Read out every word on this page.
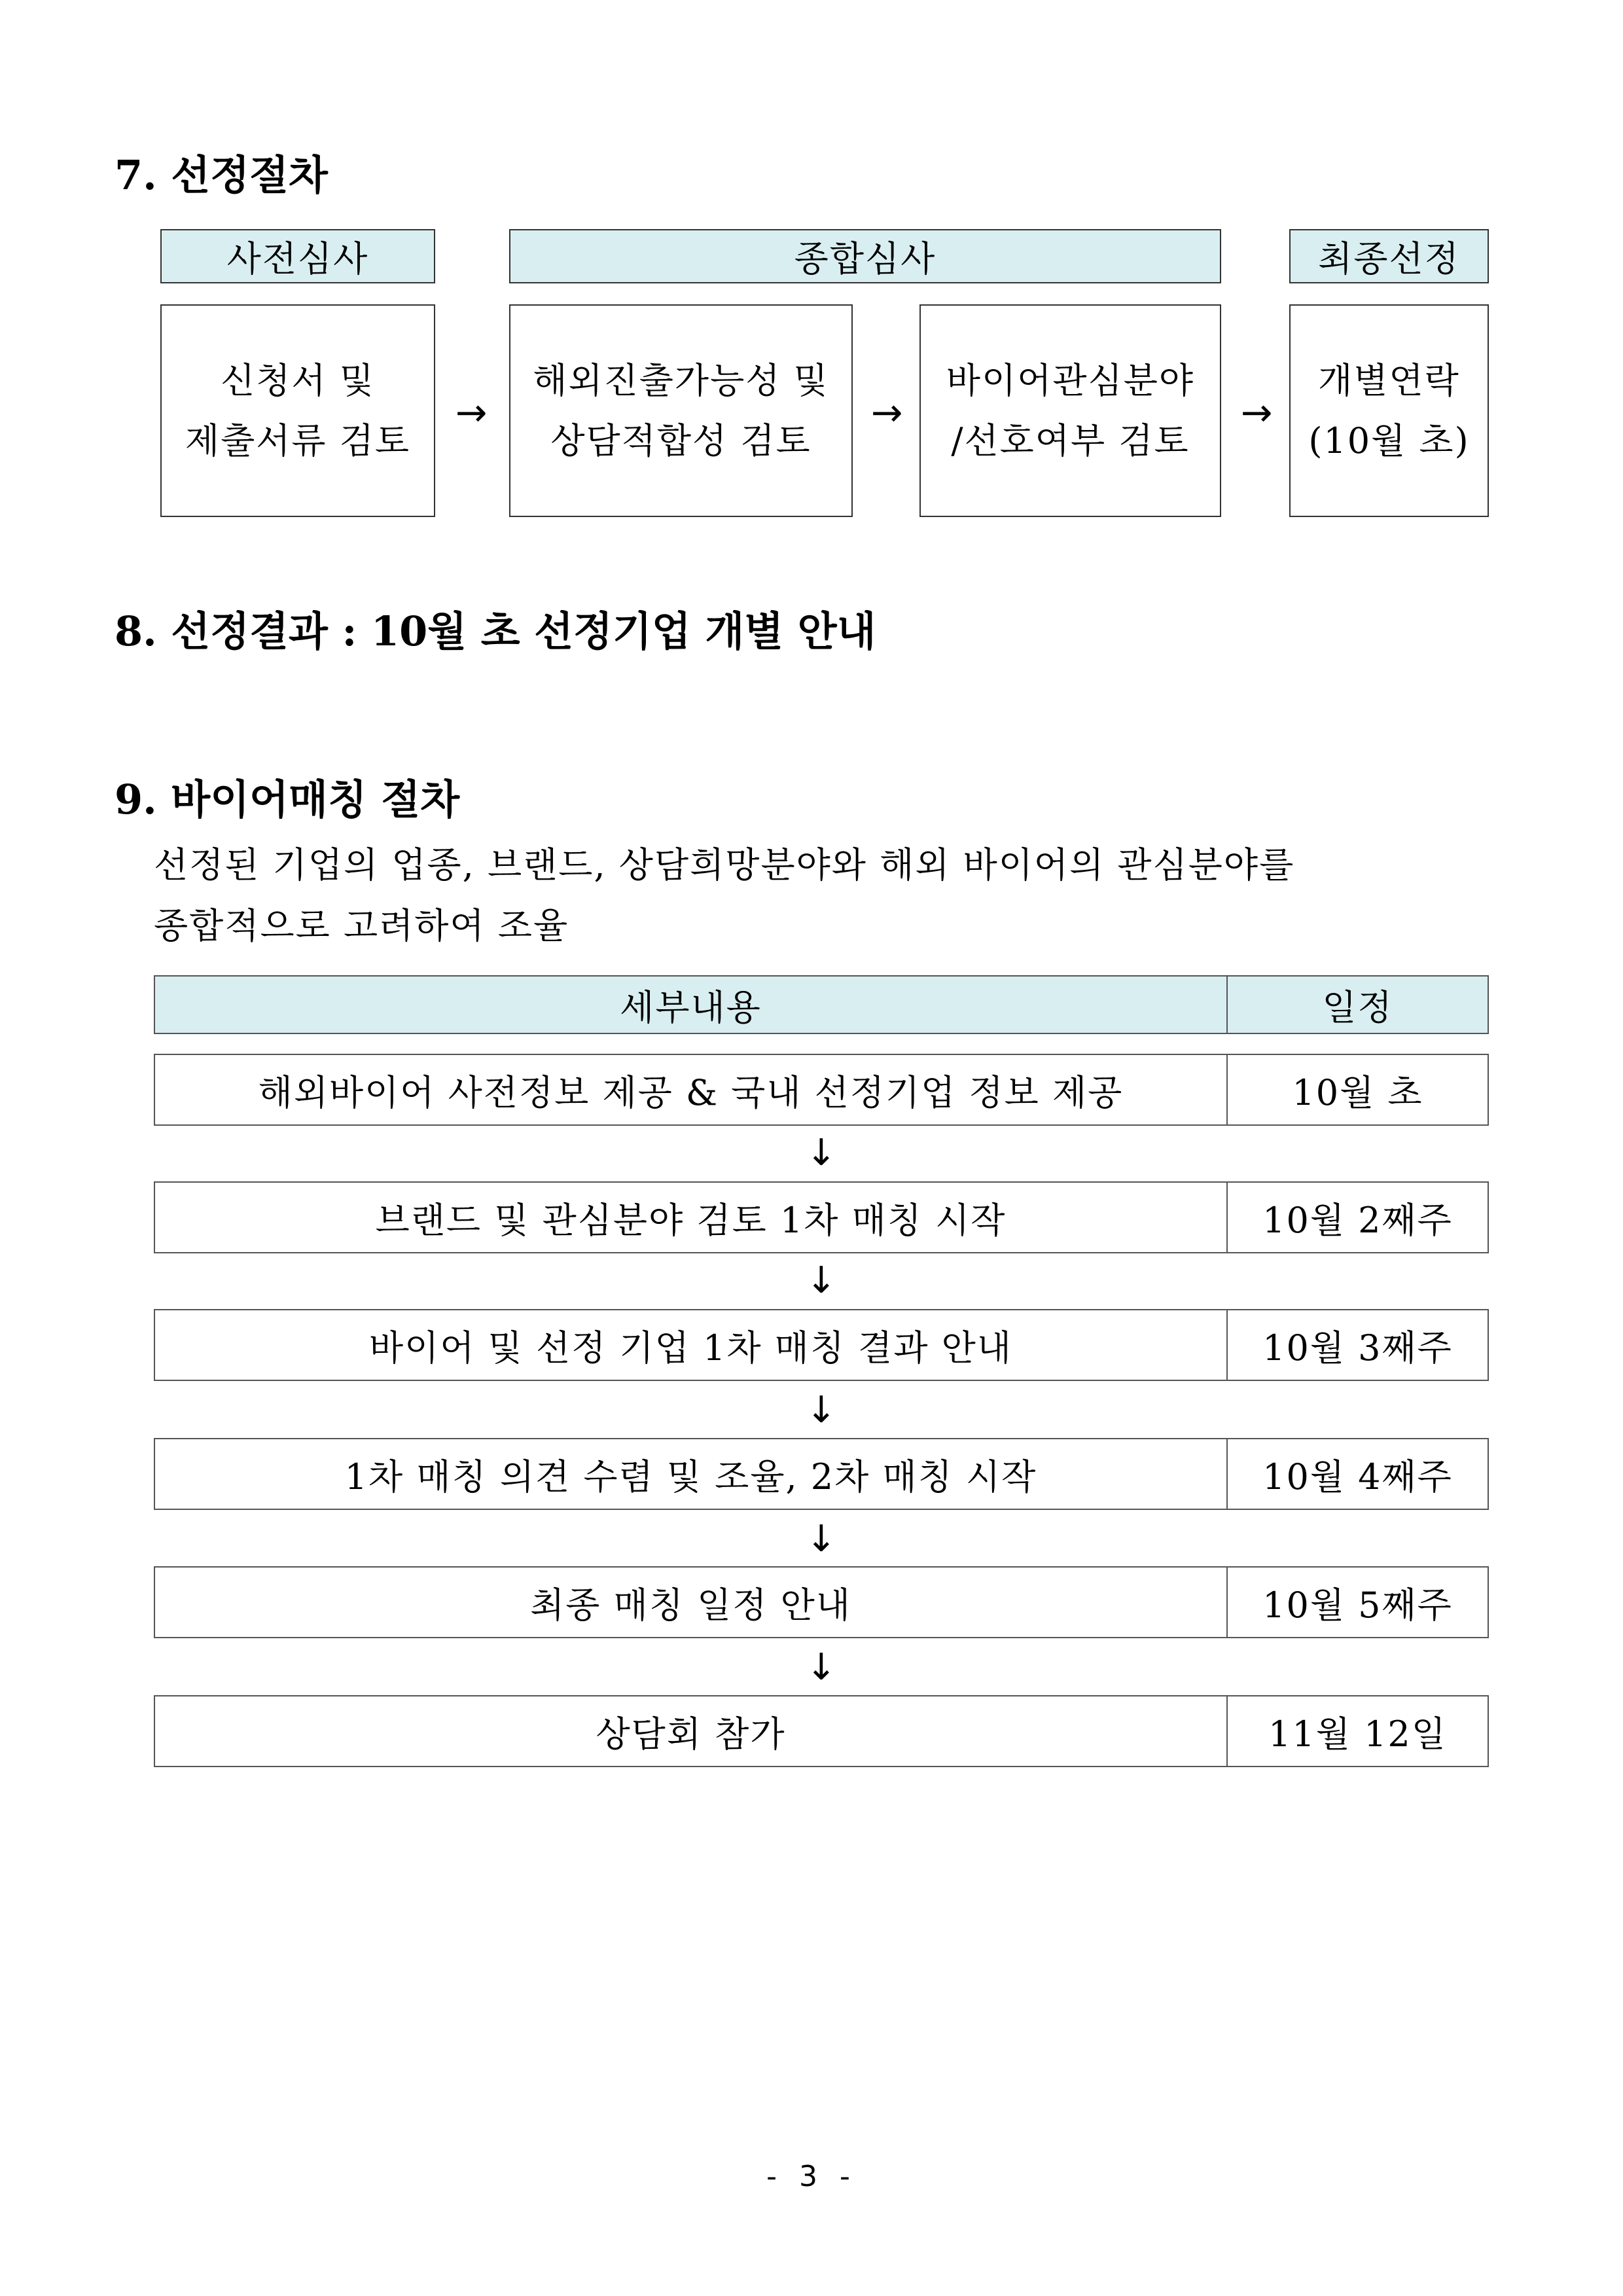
7. 선정절차
사전심사	종합심사	최종선정
신청서 및
제출서류 검토
→
해외진출가능성 및
상담적합성 검토
→
바이어관심분야
/선호여부 검토
→
개별연락
(10월 초)
8. 선정결과 : 10월 초 선정기업 개별 안내
9. 바이어매칭 절차
선정된 기업의 업종, 브랜드, 상담희망분야와 해외 바이어의 관심분야를
종합적으로 고려하여 조율
세부내용	일정
해외바이어 사전정보 제공 & 국내 선정기업 정보 제공	10월 초
↓
브랜드 및 관심분야 검토 1차 매칭 시작	10월 2째주
↓
바이어 및 선정 기업 1차 매칭 결과 안내	10월 3째주
↓
1차 매칭 의견 수렴 및 조율, 2차 매칭 시작	10월 4째주
↓
최종 매칭 일정 안내	10월 5째주
↓
상담회 참가	11월 12일
- 3 -
